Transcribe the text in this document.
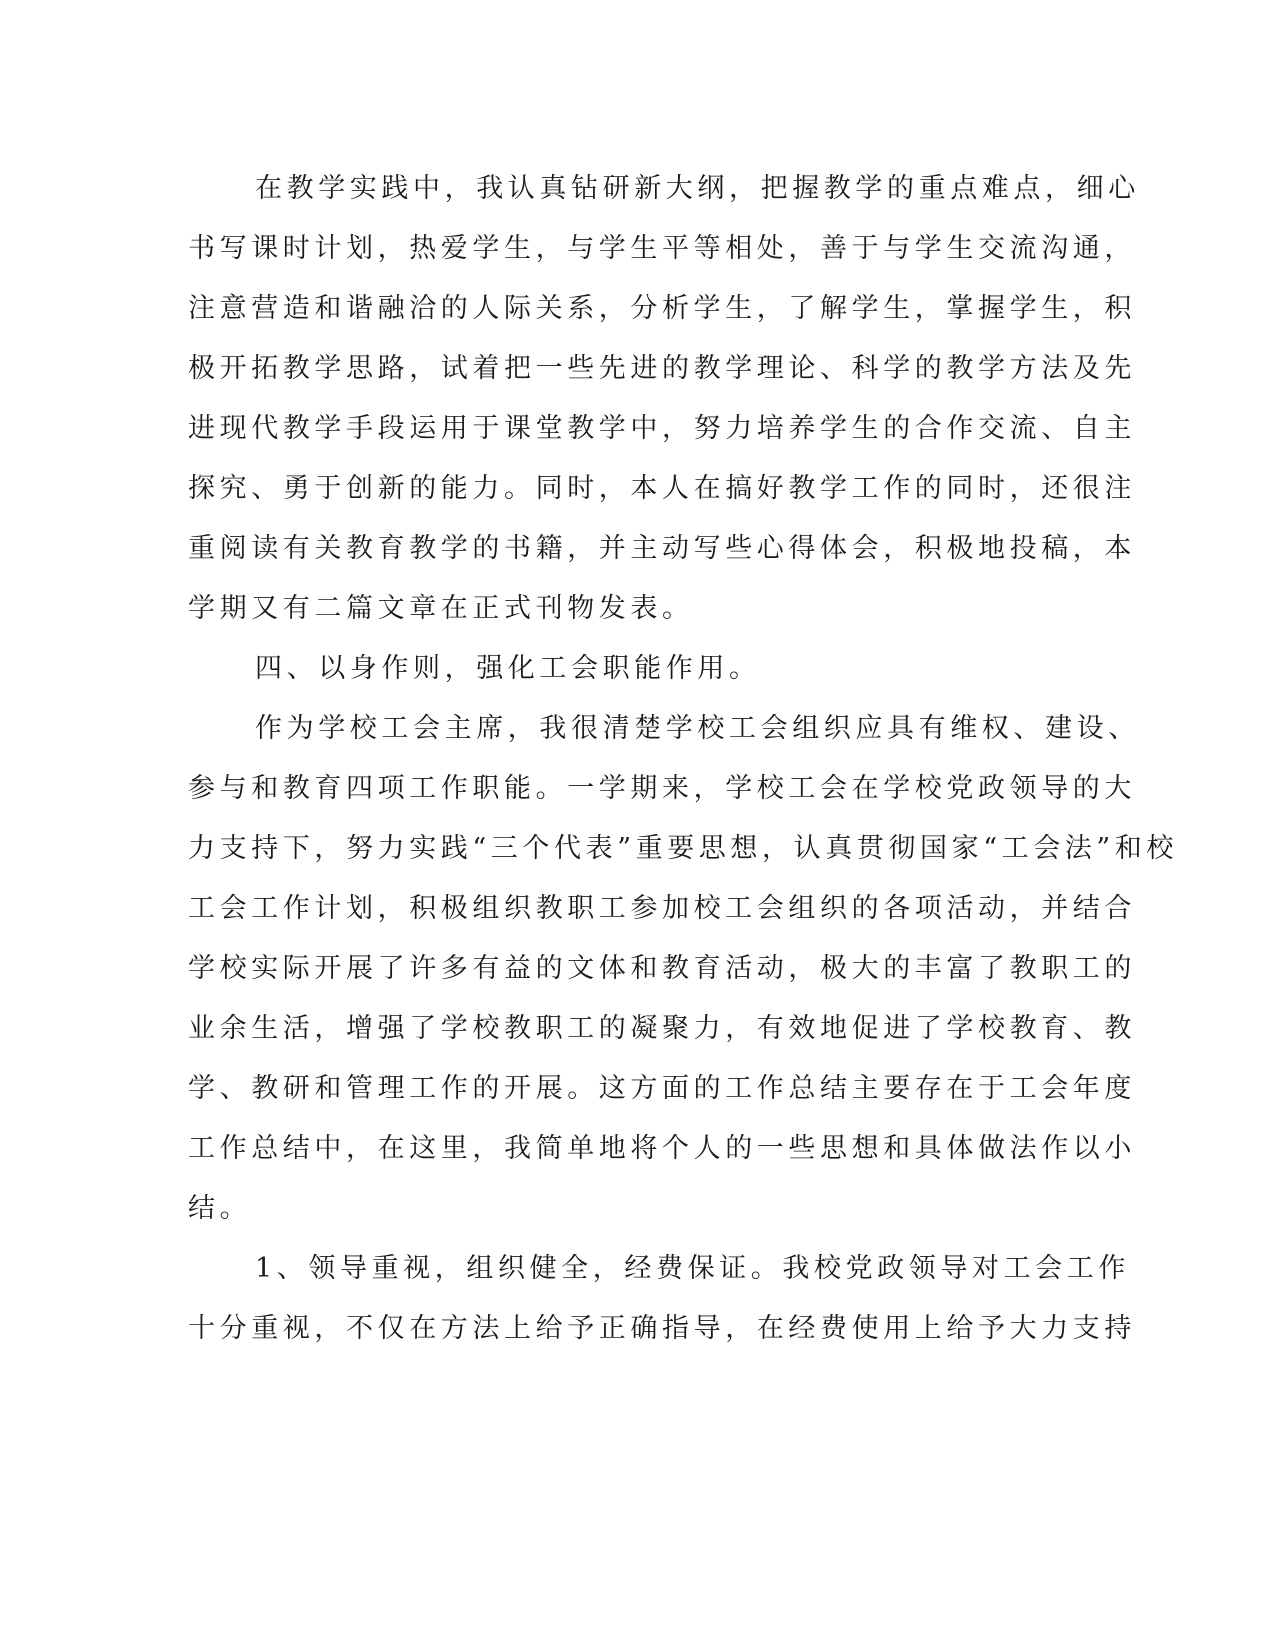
在教学实践中，我认真钻研新大纲，把握教学的重点难点，细心
书写课时计划，热爱学生，与学生平等相处，善于与学生交流沟通，
注意营造和谐融洽的人际关系，分析学生，了解学生，掌握学生，积
极开拓教学思路，试着把一些先进的教学理论、科学的教学方法及先
进现代教学手段运用于课堂教学中，努力培养学生的合作交流、自主
探究、勇于创新的能力。同时，本人在搞好教学工作的同时，还很注
重阅读有关教育教学的书籍，并主动写些心得体会，积极地投稿，本
学期又有二篇文章在正式刊物发表。
四、以身作则，强化工会职能作用。
作为学校工会主席，我很清楚学校工会组织应具有维权、建设、
参与和教育四项工作职能。一学期来，学校工会在学校党政领导的大
力支持下，努力实践“三个代表”重要思想，认真贯彻国家“工会法”和校
工会工作计划，积极组织教职工参加校工会组织的各项活动，并结合
学校实际开展了许多有益的文体和教育活动，极大的丰富了教职工的
业余生活，增强了学校教职工的凝聚力，有效地促进了学校教育、教
学、教研和管理工作的开展。这方面的工作总结主要存在于工会年度
工作总结中，在这里，我简单地将个人的一些思想和具体做法作以小
结。
1、领导重视，组织健全，经费保证。我校党政领导对工会工作
十分重视，不仅在方法上给予正确指导，在经费使用上给予大力支持
